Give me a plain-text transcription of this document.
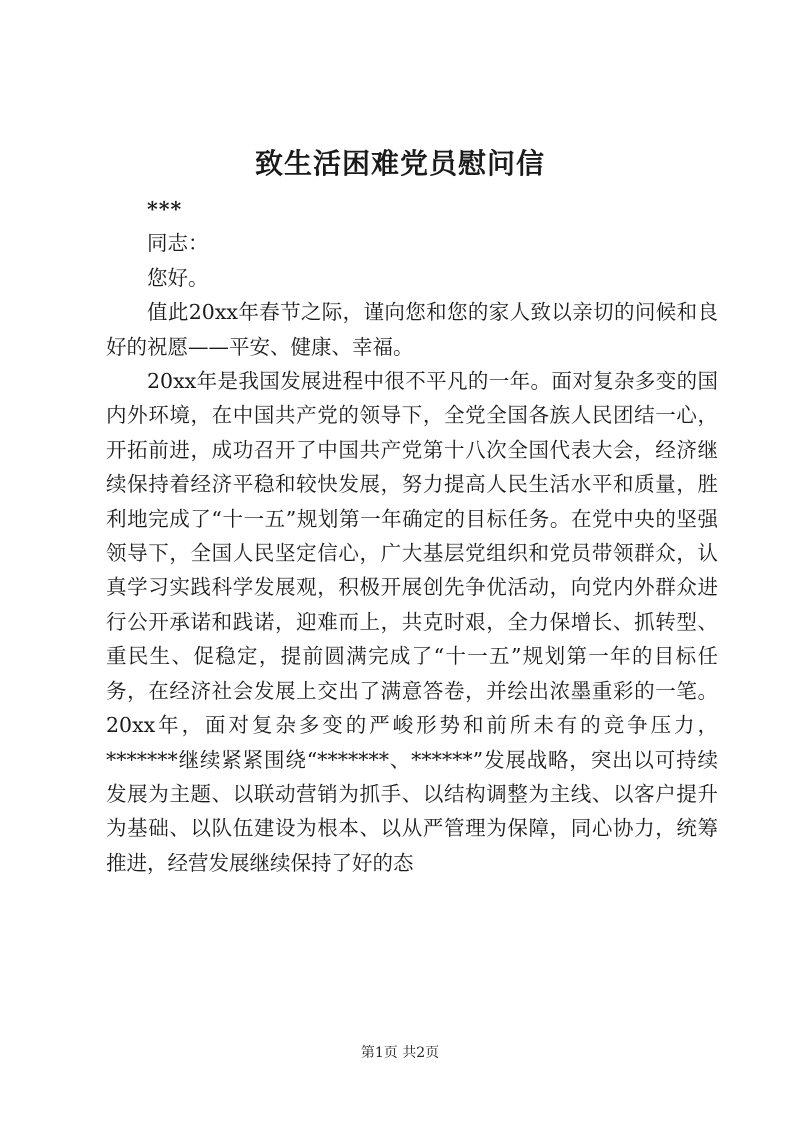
致生活困难党员慰问信

***

同志：

您好。

值此20xx年春节之际，谨向您和您的家人致以亲切的问候和良好的祝愿——平安、健康、幸福。

20xx年是我国发展进程中很不平凡的一年。面对复杂多变的国内外环境，在中国共产党的领导下，全党全国各族人民团结一心，开拓前进，成功召开了中国共产党第十八次全国代表大会，经济继续保持着经济平稳和较快发展，努力提高人民生活水平和质量，胜利地完成了“十一五”规划第一年确定的目标任务。在党中央的坚强领导下，全国人民坚定信心，广大基层党组织和党员带领群众，认真学习实践科学发展观，积极开展创先争优活动，向党内外群众进行公开承诺和践诺，迎难而上，共克时艰，全力保增长、抓转型、重民生、促稳定，提前圆满完成了“十一五”规划第一年的目标任务，在经济社会发展上交出了满意答卷，并绘出浓墨重彩的一笔。20xx年，面对复杂多变的严峻形势和前所未有的竞争压力，*******继续紧紧围绕“*******、******”发展战略，突出以可持续发展为主题、以联动营销为抓手、以结构调整为主线、以客户提升为基础、以队伍建设为根本、以从严管理为保障，同心协力，统筹推进，经营发展继续保持了好的态

第1页 共2页
